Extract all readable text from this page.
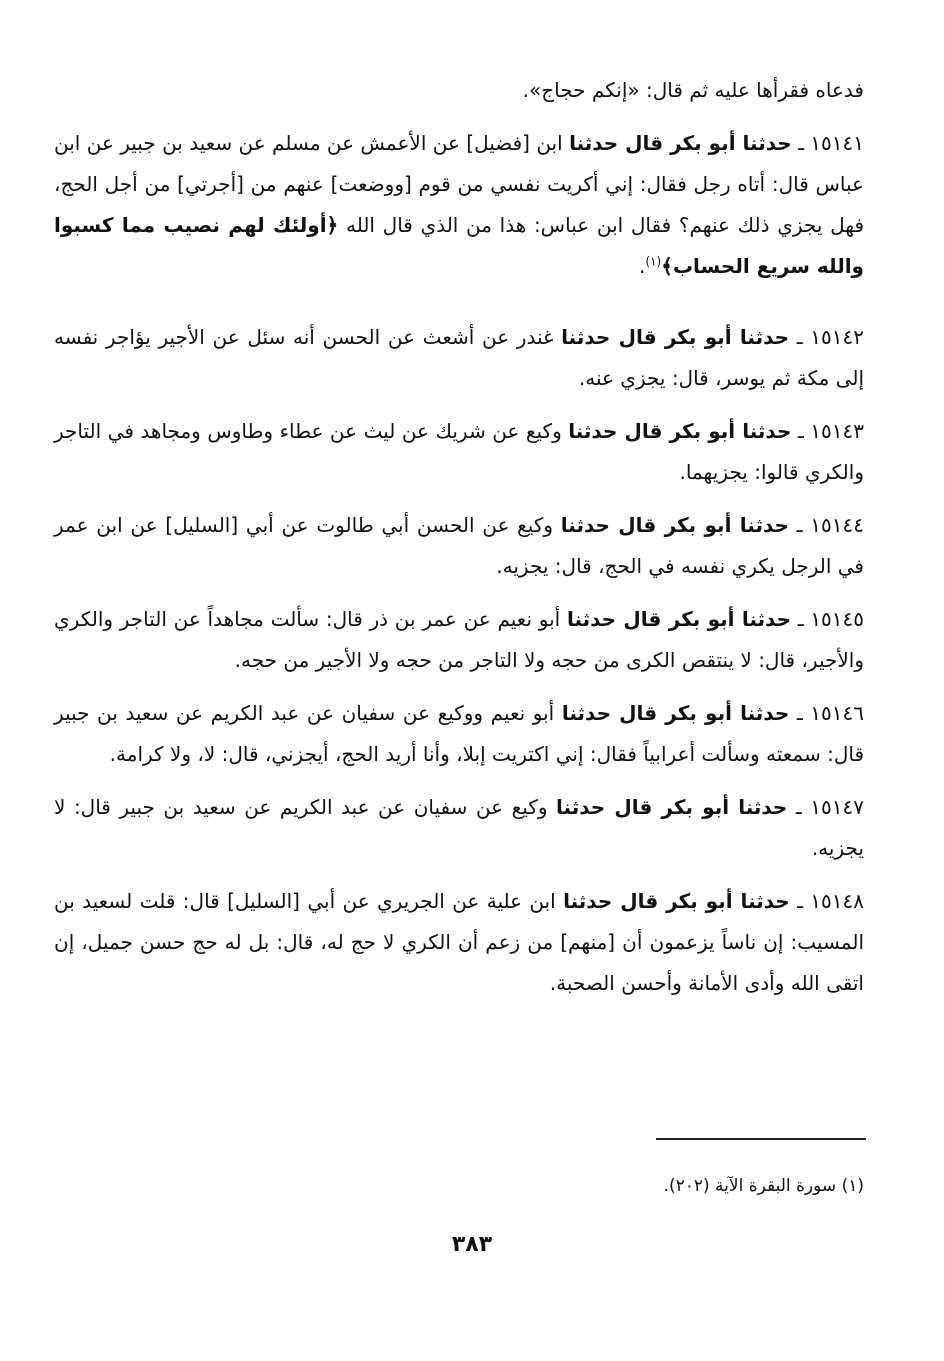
فدعاه فقرأها عليه ثم قال: «إنكم حجاج».

١٥١٤١ ـ حدثنا أبو بكر قال حدثنا ابن [فضيل] عن الأعمش عن مسلم عن سعيد بن جبير عن ابن عباس قال: أتاه رجل فقال: إني أكريت نفسي من قوم [ووضعت] عنهم من [أجرتي] من أجل الحج، فهل يجزي ذلك عنهم؟ فقال ابن عباس: هذا من الذي قال الله ﴿أولئك لهم نصيب مما كسبوا والله سريع الحساب﴾$^{(١)}$.

١٥١٤٢ ـ حدثنا أبو بكر قال حدثنا غندر عن أشعث عن الحسن أنه سئل عن الأجير يؤاجر نفسه إلى مكة ثم يوسر، قال: يجزي عنه.

١٥١٤٣ ـ حدثنا أبو بكر قال حدثنا وكيع عن شريك عن ليث عن عطاء وطاوس ومجاهد في التاجر والكري قالوا: يجزيهما.

١٥١٤٤ ـ حدثنا أبو بكر قال حدثنا وكيع عن الحسن أبي طالوت عن أبي [السليل] عن ابن عمر في الرجل يكري نفسه في الحج، قال: يجزيه.

١٥١٤٥ ـ حدثنا أبو بكر قال حدثنا أبو نعيم عن عمر بن ذر قال: سألت مجاهداً عن التاجر والكري والأجير، قال: لا ينتقص الكرى من حجه ولا التاجر من حجه ولا الأجير من حجه.

١٥١٤٦ ـ حدثنا أبو بكر قال حدثنا أبو نعيم ووكيع عن سفيان عن عبد الكريم عن سعيد بن جبير قال: سمعته وسألت أعرابياً فقال: إني اكتريت إبلا، وأنا أريد الحج، أيجزني، قال: لا، ولا كرامة.

١٥١٤٧ ـ حدثنا أبو بكر قال حدثنا وكيع عن سفيان عن عبد الكريم عن سعيد بن جبير قال: لا يجزيه.

١٥١٤٨ ـ حدثنا أبو بكر قال حدثنا ابن علية عن الجريري عن أبي [السليل] قال: قلت لسعيد بن المسيب: إن ناساً يزعمون أن [منهم] من زعم أن الكري لا حج له، قال: بل له حج حسن جميل، إن اتقى الله وأدى الأمانة وأحسن الصحبة.

(١) سورة البقرة الآية (٢٠٢).
٣٨٣
